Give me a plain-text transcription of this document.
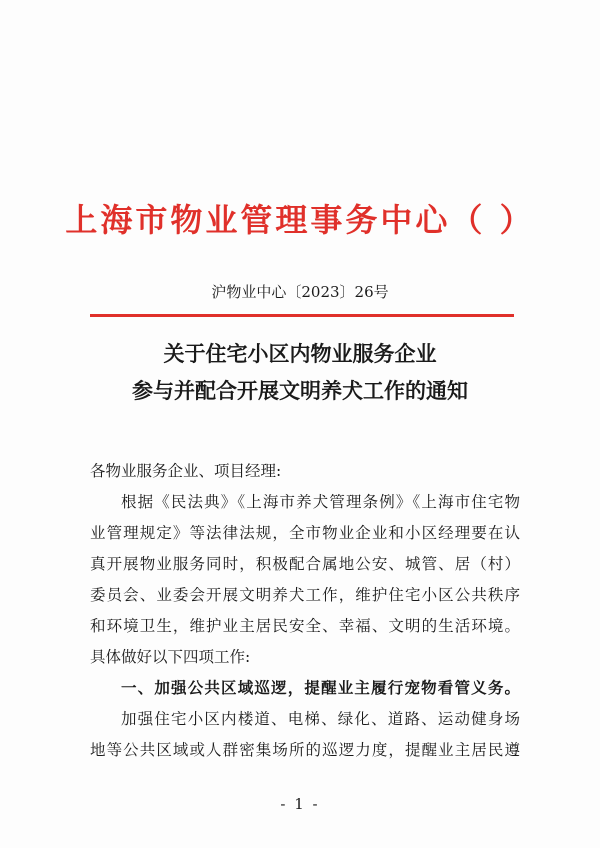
上海市物业管理事务中心（ ）
沪物业中心〔2023〕26号
关于住宅小区内物业服务企业
参与并配合开展文明养犬工作的通知
各物业服务企业、项目经理:
根据《民法典》《上海市养犬管理条例》《上海市住宅物
业管理规定》等法律法规，全市物业企业和小区经理要在认
真开展物业服务同时，积极配合属地公安、城管、居（村）
委员会、业委会开展文明养犬工作，维护住宅小区公共秩序
和环境卫生，维护业主居民安全、幸福、文明的生活环境。
具体做好以下四项工作:
一、加强公共区域巡逻，提醒业主履行宠物看管义务。
加强住宅小区内楼道、电梯、绿化、道路、运动健身场
地等公共区域或人群密集场所的巡逻力度，提醒业主居民遵
- 1 -
